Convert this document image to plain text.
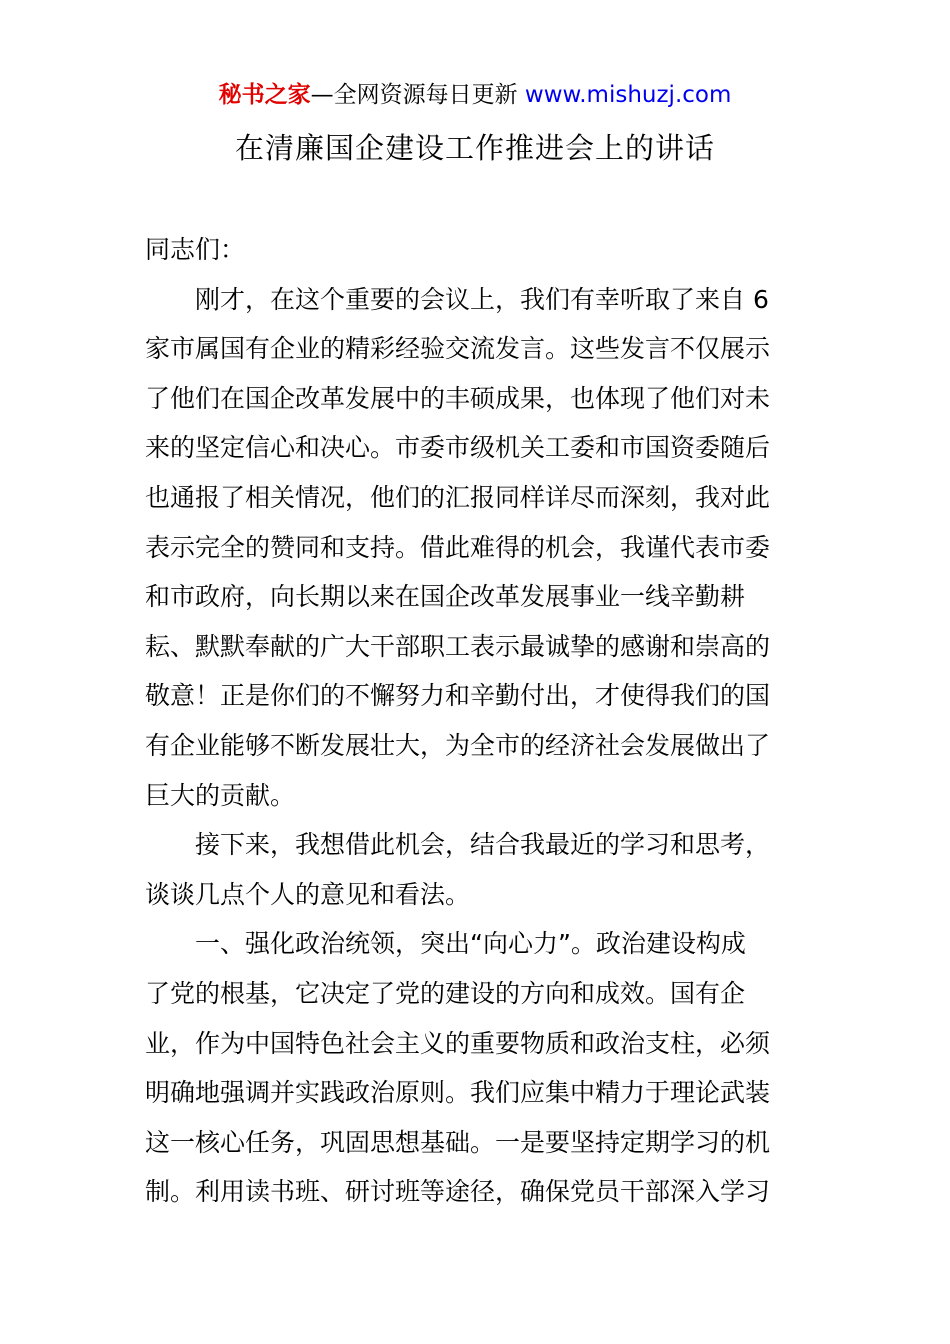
秘书之家—全网资源每日更新 www.mishuzj.com
在清廉国企建设工作推进会上的讲话
同志们：
刚才，在这个重要的会议上，我们有幸听取了来自 6
家市属国有企业的精彩经验交流发言。这些发言不仅展示
了他们在国企改革发展中的丰硕成果，也体现了他们对未
来的坚定信心和决心。市委市级机关工委和市国资委随后
也通报了相关情况，他们的汇报同样详尽而深刻，我对此
表示完全的赞同和支持。借此难得的机会，我谨代表市委
和市政府，向长期以来在国企改革发展事业一线辛勤耕
耘、默默奉献的广大干部职工表示最诚挚的感谢和崇高的
敬意！正是你们的不懈努力和辛勤付出，才使得我们的国
有企业能够不断发展壮大，为全市的经济社会发展做出了
巨大的贡献。
接下来，我想借此机会，结合我最近的学习和思考，
谈谈几点个人的意见和看法。
一、强化政治统领，突出“向心力”。政治建设构成
了党的根基，它决定了党的建设的方向和成效。国有企
业，作为中国特色社会主义的重要物质和政治支柱，必须
明确地强调并实践政治原则。我们应集中精力于理论武装
这一核心任务，巩固思想基础。一是要坚持定期学习的机
制。利用读书班、研讨班等途径，确保党员干部深入学习
